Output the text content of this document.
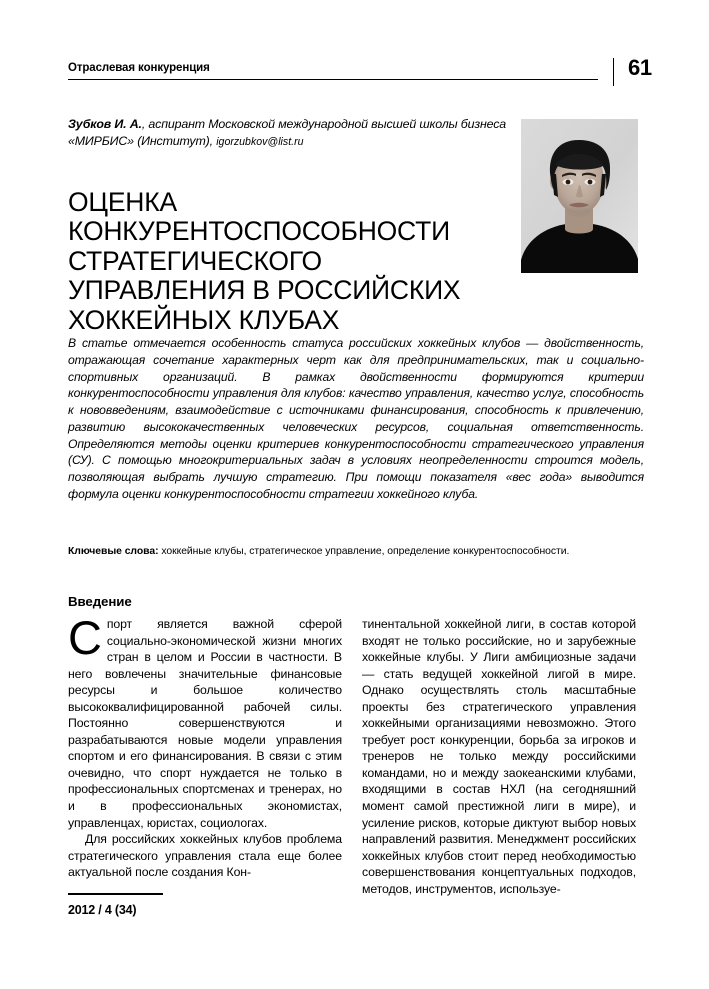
Отраслевая конкуренция	61
Зубков И. А., аспирант Московской международной высшей школы бизнеса «МИРБИС» (Институт), igorzubkov@list.ru
ОЦЕНКА
КОНКУРЕНТОСПОСОБНОСТИ
СТРАТЕГИЧЕСКОГО
УПРАВЛЕНИЯ В РОССИЙСКИХ
ХОККЕЙНЫХ КЛУБАХ

В статье отмечается особенность статуса российских хоккейных клубов — двойственность, отражающая сочетание характерных черт как для предпринимательских, так и социально-спортивных организаций. В рамках двойственности формируются критерии конкурентоспособности управления для клубов: качество управления, качество услуг, способность к нововведениям, взаимодействие с источниками финансирования, способность к привлечению, развитию высококачественных человеческих ресурсов, социальная ответственность. Определяются методы оценки критериев конкурентоспособности стратегического управления (СУ). С помощью многокритериальных задач в условиях неопределенности строится модель, позволяющая выбрать лучшую стратегию. При помощи показателя «вес года» выводится формула оценки конкурентоспособности стратегии хоккейного клуба.

Ключевые слова: хоккейные клубы, стратегическое управление, определение конкурентоспособности.
Введение

Спорт является важной сферой социально-экономической жизни многих стран в целом и России в частности. В него вовлечены значительные финансовые ресурсы и большое количество высококвалифицированной рабочей силы. Постоянно совершенствуются и разрабатываются новые модели управления спортом и его финансирования. В связи с этим очевидно, что спорт нуждается не только в профессиональных спортсменах и тренерах, но и в профессиональных экономистах, управленцах, юристах, социологах.

Для российских хоккейных клубов проблема стратегического управления стала еще более актуальной после создания Кон-

тинентальной хоккейной лиги, в состав которой входят не только российские, но и зарубежные хоккейные клубы. У Лиги амбициозные задачи — стать ведущей хоккейной лигой в мире. Однако осуществлять столь масштабные проекты без стратегического управления хоккейными организациями невозможно. Этого требует рост конкуренции, борьба за игроков и тренеров не только между российскими командами, но и между заокеанскими клубами, входящими в состав НХЛ (на сегодняшний момент самой престижной лиги в мире), и усиление рисков, которые диктуют выбор новых направлений развития. Менеджмент российских хоккейных клубов стоит перед необходимостью совершенствования концептуальных подходов, методов, инструментов, используе-

2012 / 4 (34)
